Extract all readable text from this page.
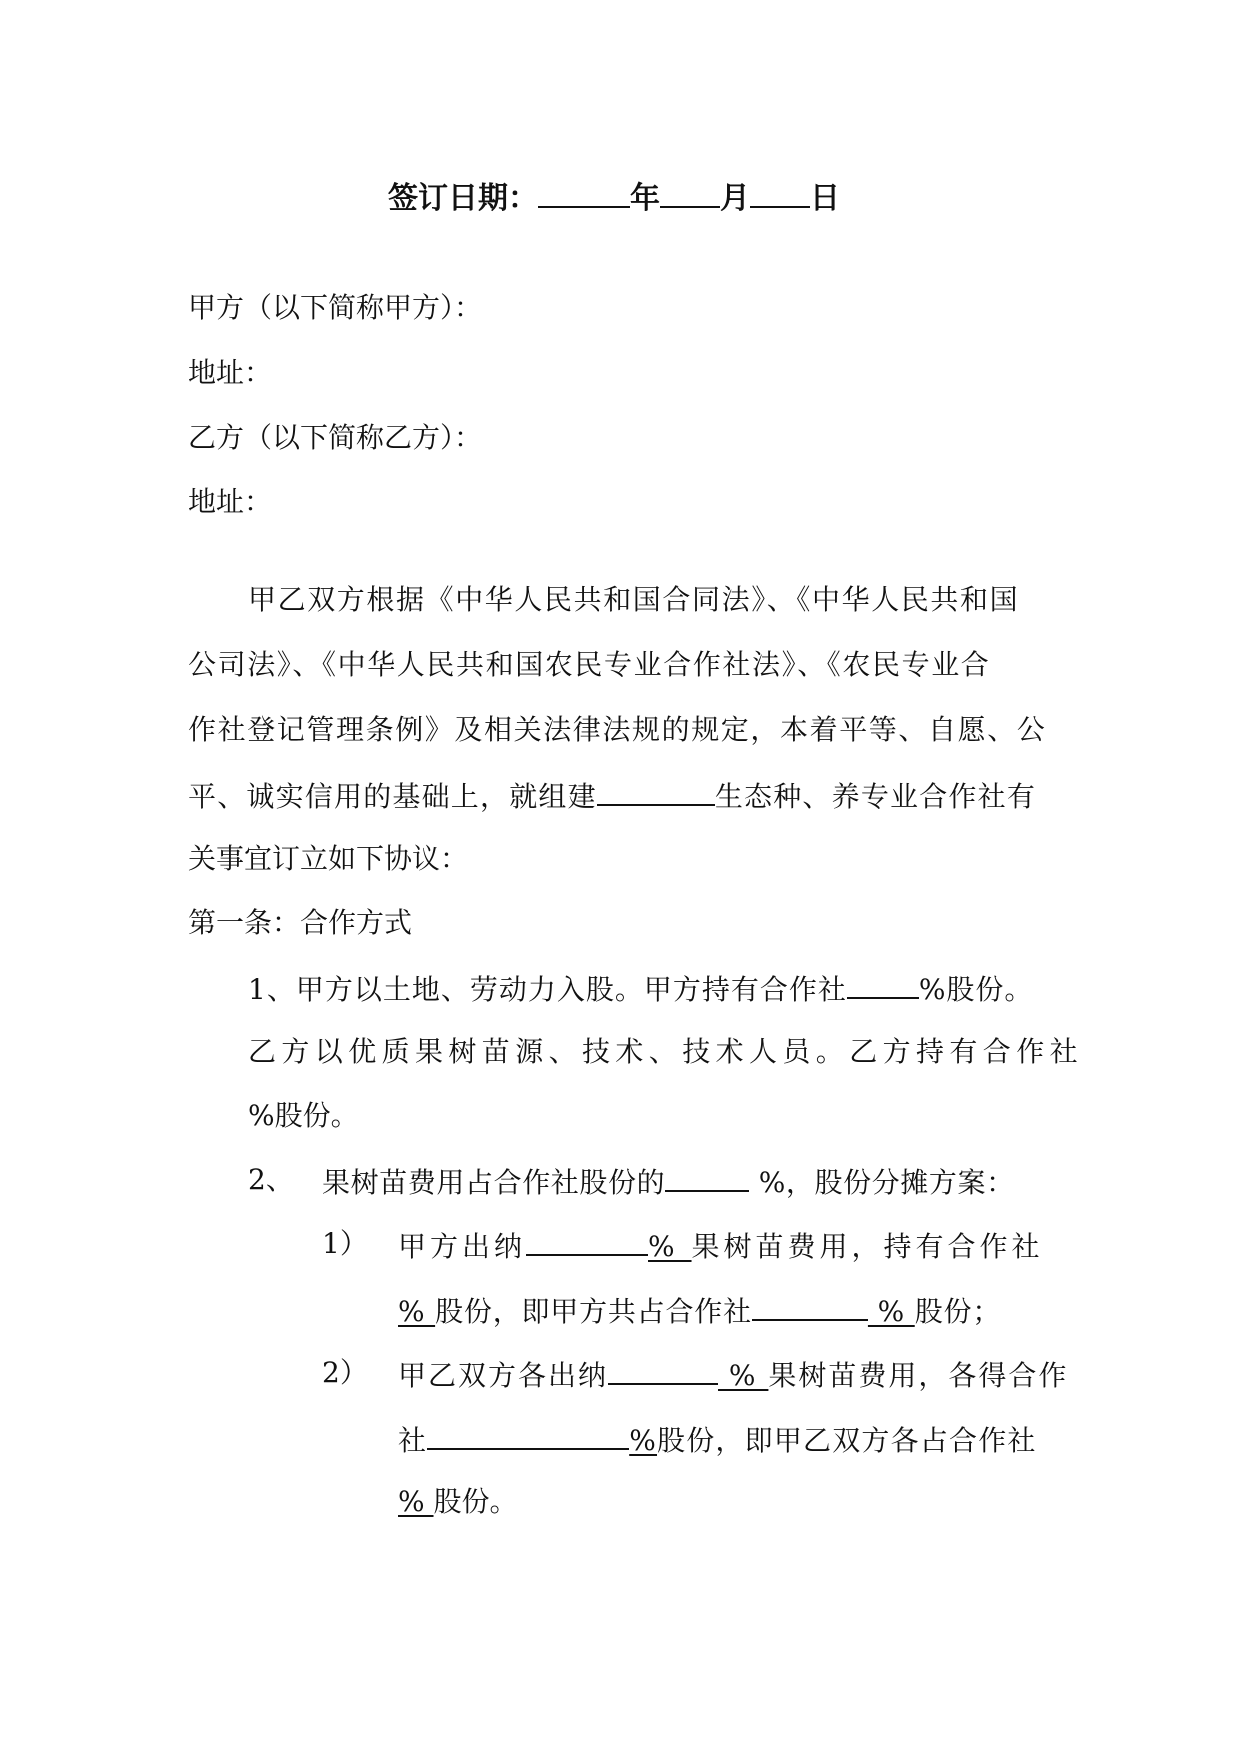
签订日期：	年 月 日
甲方（以下简称甲方）：
地址：
乙方（以下简称乙方）：
地址：
甲乙双方根据《中华人民共和国合同法》、《中华人民共和国
公司法》、《中华人民共和国农民专业合作社法》、《农民专业合
作社登记管理条例》及相关法律法规的规定，本着平等、自愿、公
平、诚实信用的基础上，就组建	生态种、养专业合作社有
关事宜订立如下协议：
第一条：合作方式
1、甲方以土地、劳动力入股。甲方持有合作社	%股份。
乙方以优质果树苗源、技术、技术人员。乙方持有合作社
%股份。
2、 果树苗费用占合作社股份的	%，股份分摊方案：
1） 甲方出纳	% 果树苗费用，持有合作社
% 股份，即甲方共占合作社	% 股份；
2） 甲乙双方各出纳	% 果树苗费用，各得合作
社	%股份，即甲乙双方各占合作社
% 股份。
